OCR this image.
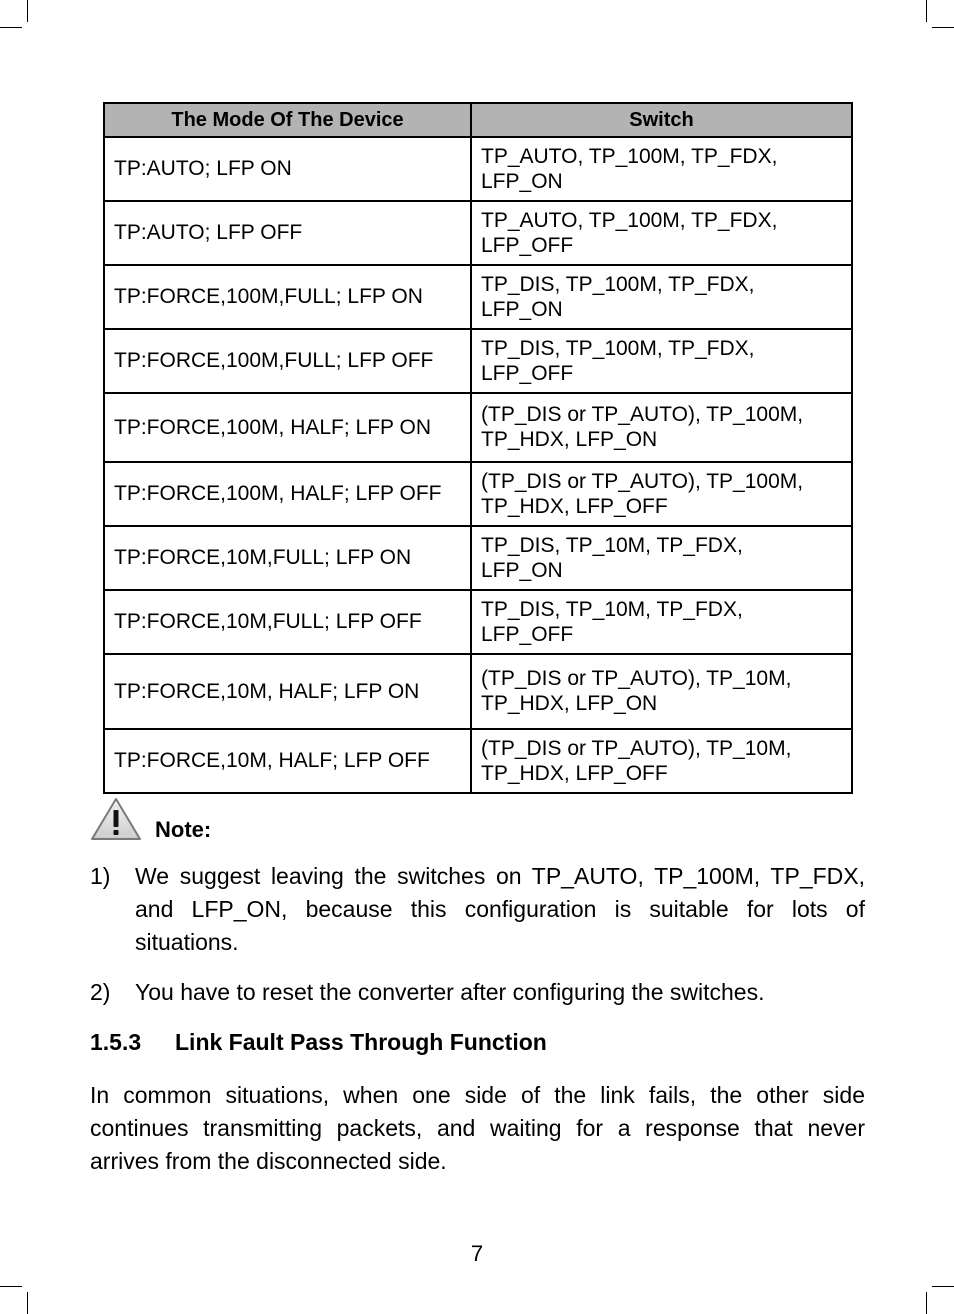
The Mode Of The Device	Switch
TP:AUTO; LFP ON	TP_AUTO, TP_100M, TP_FDX,
LFP_ON
TP:AUTO; LFP OFF	TP_AUTO, TP_100M, TP_FDX,
LFP_OFF
TP:FORCE,100M,FULL; LFP ON	TP_DIS, TP_100M, TP_FDX,
LFP_ON
TP:FORCE,100M,FULL; LFP OFF	TP_DIS, TP_100M, TP_FDX,
LFP_OFF
TP:FORCE,100M, HALF; LFP ON	(TP_DIS or TP_AUTO), TP_100M,
TP_HDX, LFP_ON
TP:FORCE,100M, HALF; LFP OFF	(TP_DIS or TP_AUTO), TP_100M,
TP_HDX, LFP_OFF
TP:FORCE,10M,FULL; LFP ON	TP_DIS, TP_10M, TP_FDX,
LFP_ON
TP:FORCE,10M,FULL; LFP OFF	TP_DIS, TP_10M, TP_FDX,
LFP_OFF
TP:FORCE,10M, HALF; LFP ON	(TP_DIS or TP_AUTO), TP_10M,
TP_HDX, LFP_ON
TP:FORCE,10M, HALF; LFP OFF	(TP_DIS or TP_AUTO), TP_10M,
TP_HDX, LFP_OFF
Note:
1) We suggest leaving the switches on TP_AUTO, TP_100M, TP_FDX, and LFP_ON, because this configuration is suitable for lots of situations.
2) You have to reset the converter after configuring the switches.
1.5.3 Link Fault Pass Through Function
In common situations, when one side of the link fails, the other side continues transmitting packets, and waiting for a response that never arrives from the disconnected side.
7
